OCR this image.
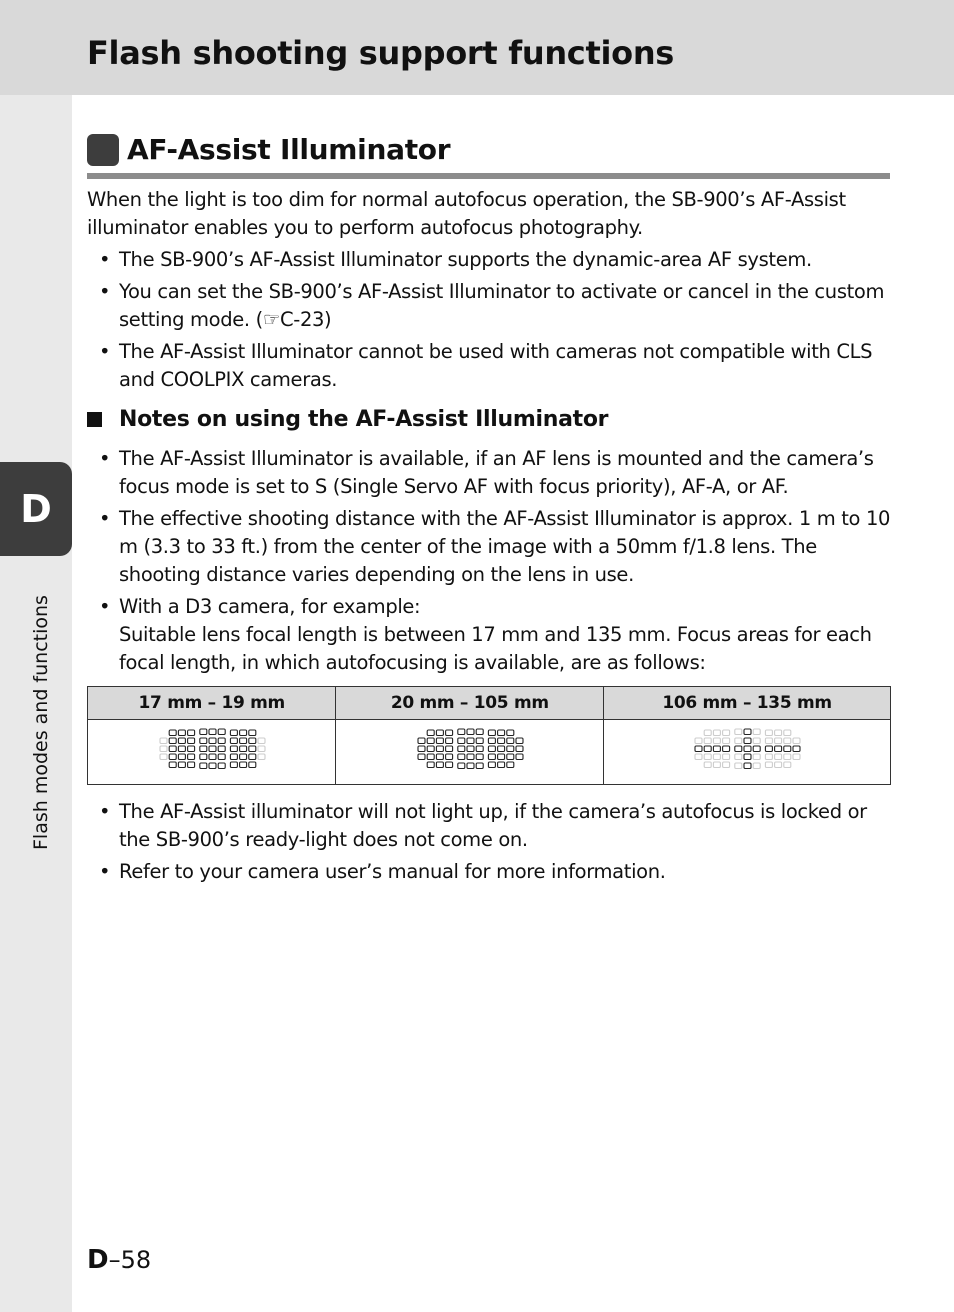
Flash shooting support functions
D
Flash modes and functions
AF-Assist Illuminator
When the light is too dim for normal autofocus operation, the SB-900’s AF-Assist illuminator enables you to perform autofocus photography.
• The SB-900’s AF-Assist Illuminator supports the dynamic-area AF system.
• You can set the SB-900’s AF-Assist Illuminator to activate or cancel in the custom setting mode. (☞C-23)
• The AF-Assist Illuminator cannot be used with cameras not compatible with CLS and COOLPIX cameras.
Notes on using the AF-Assist Illuminator
• The AF-Assist Illuminator is available, if an AF lens is mounted and the camera’s focus mode is set to S (Single Servo AF with focus priority), AF-A, or AF.
• The effective shooting distance with the AF-Assist Illuminator is approx. 1 m to 10 m (3.3 to 33 ft.) from the center of the image with a 50mm f/1.8 lens. The shooting distance varies depending on the lens in use.
• With a D3 camera, for example:
Suitable lens focal length is between 17 mm and 135 mm. Focus areas for each focal length, in which autofocusing is available, are as follows:
17 mm – 19 mm	20 mm – 105 mm	106 mm – 135 mm

• The AF-Assist illuminator will not light up, if the camera’s autofocus is locked or the SB-900’s ready-light does not come on.
• Refer to your camera user’s manual for more information.
D–58
